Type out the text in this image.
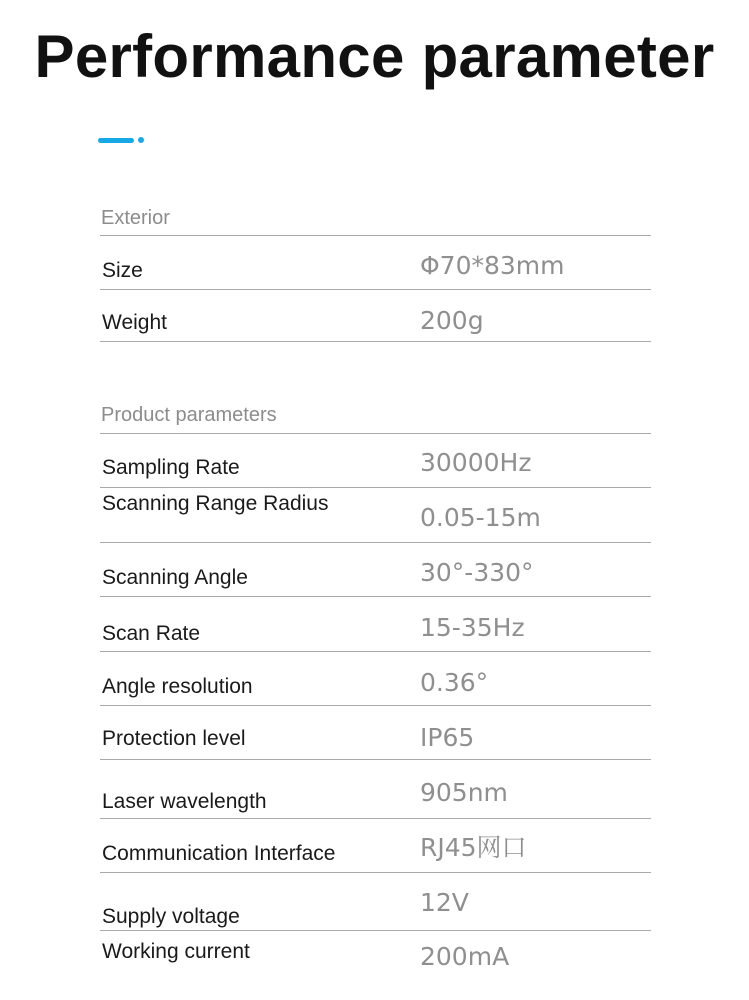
Performance parameter
Exterior
Size	Φ70*83mm
Weight	200g
Product parameters
Sampling Rate	30000Hz
Scanning Range Radius	0.05-15m
Scanning Angle	30°-330°
Scan Rate	15-35Hz
Angle resolution	0.36°
Protection level	IP65
Laser wavelength	905nm
Communication Interface	RJ45网口
Supply voltage	12V
Working current	200mA
